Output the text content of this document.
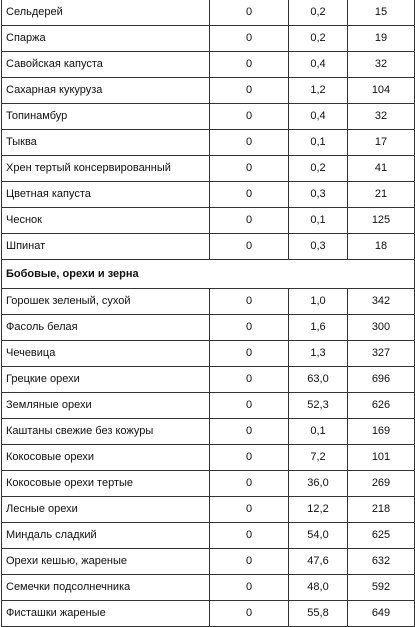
Сельдерей	0	0,2	15
Спаржа	0	0,2	19
Савойская капуста	0	0,4	32
Сахарная кукуруза	0	1,2	104
Топинамбур	0	0,4	32
Тыква	0	0,1	17
Хрен тертый консервированный	0	0,2	41
Цветная капуста	0	0,3	21
Чеснок	0	0,1	125
Шпинат	0	0,3	18
Бобовые, орехи и зерна			
Горошек зеленый, сухой	0	1,0	342
Фасоль белая	0	1,6	300
Чечевица	0	1,3	327
Грецкие орехи	0	63,0	696
Земляные орехи	0	52,3	626
Каштаны свежие без кожуры	0	0,1	169
Кокосовые орехи	0	7,2	101
Кокосовые орехи тертые	0	36,0	269
Лесные орехи	0	12,2	218
Миндаль сладкий	0	54,0	625
Орехи кешью, жареные	0	47,6	632
Семечки подсолнечника	0	48,0	592
Фисташки жареные	0	55,8	649
